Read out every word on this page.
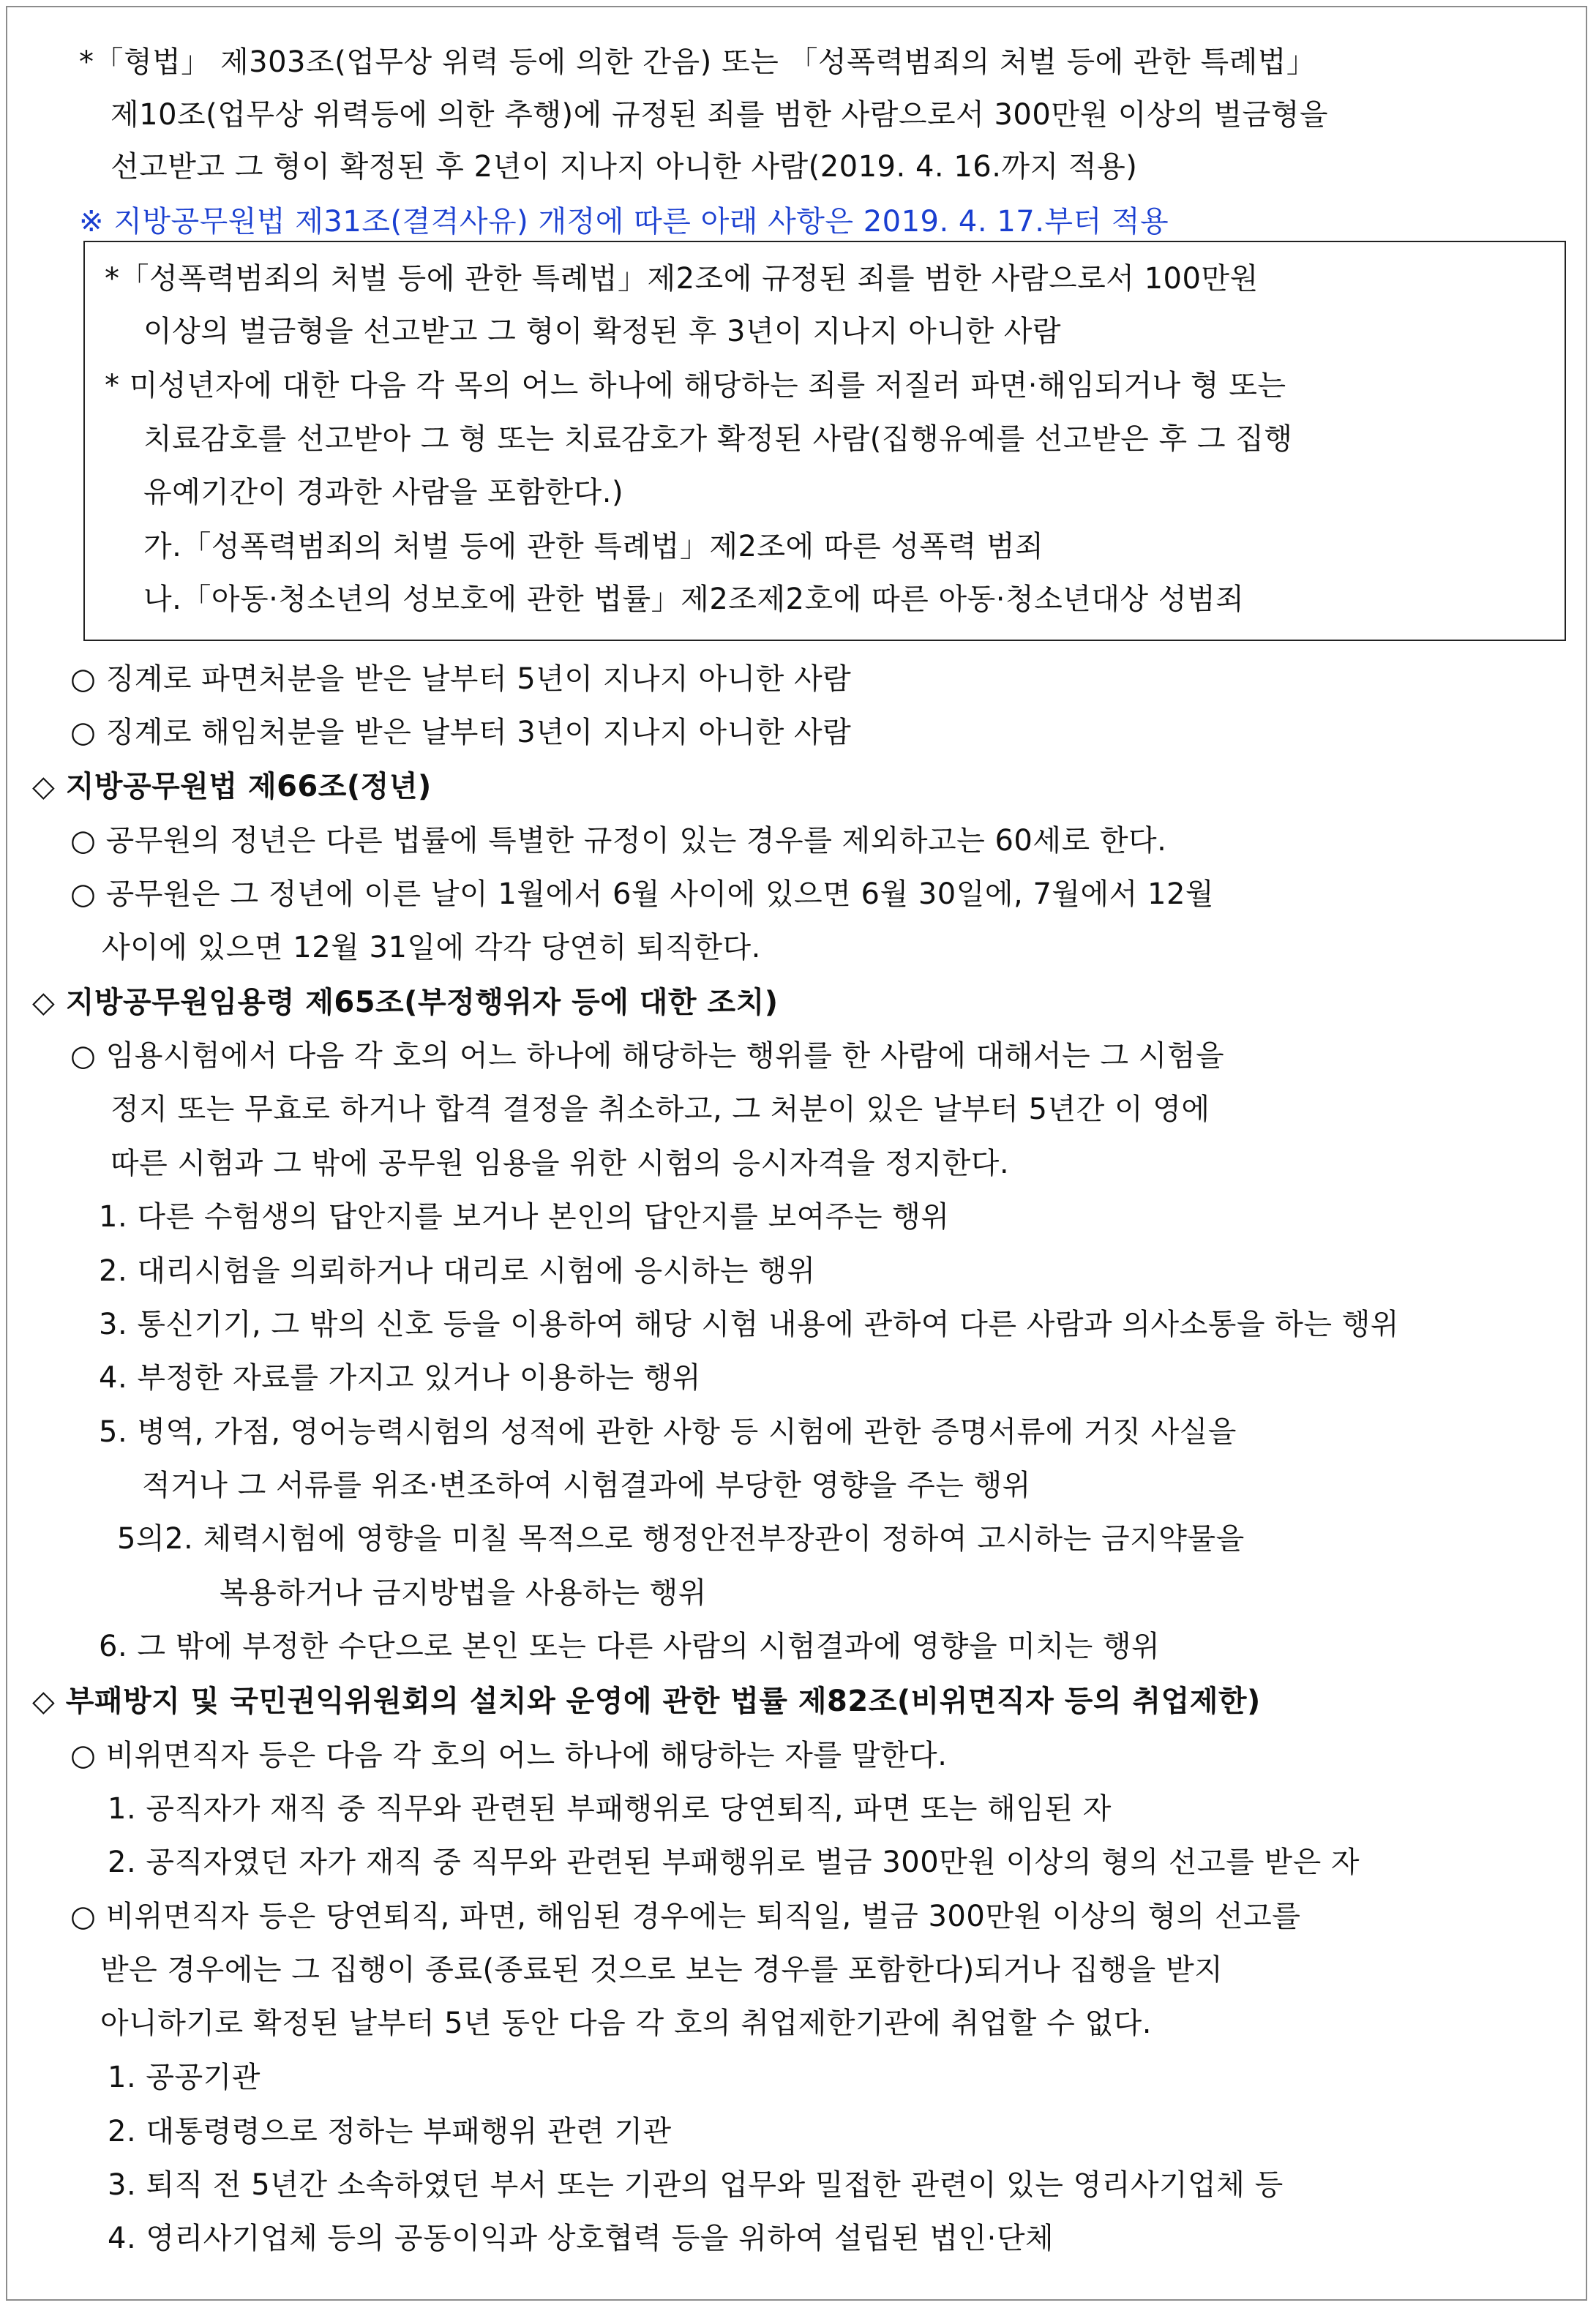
*「형법」 제303조(업무상 위력 등에 의한 간음) 또는 「성폭력범죄의 처벌 등에 관한 특례법」
제10조(업무상 위력등에 의한 추행)에 규정된 죄를 범한 사람으로서 300만원 이상의 벌금형을
선고받고 그 형이 확정된 후 2년이 지나지 아니한 사람(2019. 4. 16.까지 적용)
※ 지방공무원법 제31조(결격사유) 개정에 따른 아래 사항은 2019. 4. 17.부터 적용
*「성폭력범죄의 처벌 등에 관한 특례법」제2조에 규정된 죄를 범한 사람으로서 100만원
이상의 벌금형을 선고받고 그 형이 확정된 후 3년이 지나지 아니한 사람
* 미성년자에 대한 다음 각 목의 어느 하나에 해당하는 죄를 저질러 파면·해임되거나 형 또는
치료감호를 선고받아 그 형 또는 치료감호가 확정된 사람(집행유예를 선고받은 후 그 집행
유예기간이 경과한 사람을 포함한다.)
가.「성폭력범죄의 처벌 등에 관한 특례법」제2조에 따른 성폭력 범죄
나.「아동·청소년의 성보호에 관한 법률」제2조제2호에 따른 아동·청소년대상 성범죄
○ 징계로 파면처분을 받은 날부터 5년이 지나지 아니한 사람
○ 징계로 해임처분을 받은 날부터 3년이 지나지 아니한 사람
◇ 지방공무원법 제66조(정년)
○ 공무원의 정년은 다른 법률에 특별한 규정이 있는 경우를 제외하고는 60세로 한다.
○ 공무원은 그 정년에 이른 날이 1월에서 6월 사이에 있으면 6월 30일에, 7월에서 12월
사이에 있으면 12월 31일에 각각 당연히 퇴직한다.
◇ 지방공무원임용령 제65조(부정행위자 등에 대한 조치)
○ 임용시험에서 다음 각 호의 어느 하나에 해당하는 행위를 한 사람에 대해서는 그 시험을
정지 또는 무효로 하거나 합격 결정을 취소하고, 그 처분이 있은 날부터 5년간 이 영에
따른 시험과 그 밖에 공무원 임용을 위한 시험의 응시자격을 정지한다.
1. 다른 수험생의 답안지를 보거나 본인의 답안지를 보여주는 행위
2. 대리시험을 의뢰하거나 대리로 시험에 응시하는 행위
3. 통신기기, 그 밖의 신호 등을 이용하여 해당 시험 내용에 관하여 다른 사람과 의사소통을 하는 행위
4. 부정한 자료를 가지고 있거나 이용하는 행위
5. 병역, 가점, 영어능력시험의 성적에 관한 사항 등 시험에 관한 증명서류에 거짓 사실을
적거나 그 서류를 위조·변조하여 시험결과에 부당한 영향을 주는 행위
5의2. 체력시험에 영향을 미칠 목적으로 행정안전부장관이 정하여 고시하는 금지약물을
복용하거나 금지방법을 사용하는 행위
6. 그 밖에 부정한 수단으로 본인 또는 다른 사람의 시험결과에 영향을 미치는 행위
◇ 부패방지 및 국민권익위원회의 설치와 운영에 관한 법률 제82조(비위면직자 등의 취업제한)
○ 비위면직자 등은 다음 각 호의 어느 하나에 해당하는 자를 말한다.
1. 공직자가 재직 중 직무와 관련된 부패행위로 당연퇴직, 파면 또는 해임된 자
2. 공직자였던 자가 재직 중 직무와 관련된 부패행위로 벌금 300만원 이상의 형의 선고를 받은 자
○ 비위면직자 등은 당연퇴직, 파면, 해임된 경우에는 퇴직일, 벌금 300만원 이상의 형의 선고를
받은 경우에는 그 집행이 종료(종료된 것으로 보는 경우를 포함한다)되거나 집행을 받지
아니하기로 확정된 날부터 5년 동안 다음 각 호의 취업제한기관에 취업할 수 없다.
1. 공공기관
2. 대통령령으로 정하는 부패행위 관련 기관
3. 퇴직 전 5년간 소속하였던 부서 또는 기관의 업무와 밀접한 관련이 있는 영리사기업체 등
4. 영리사기업체 등의 공동이익과 상호협력 등을 위하여 설립된 법인·단체
